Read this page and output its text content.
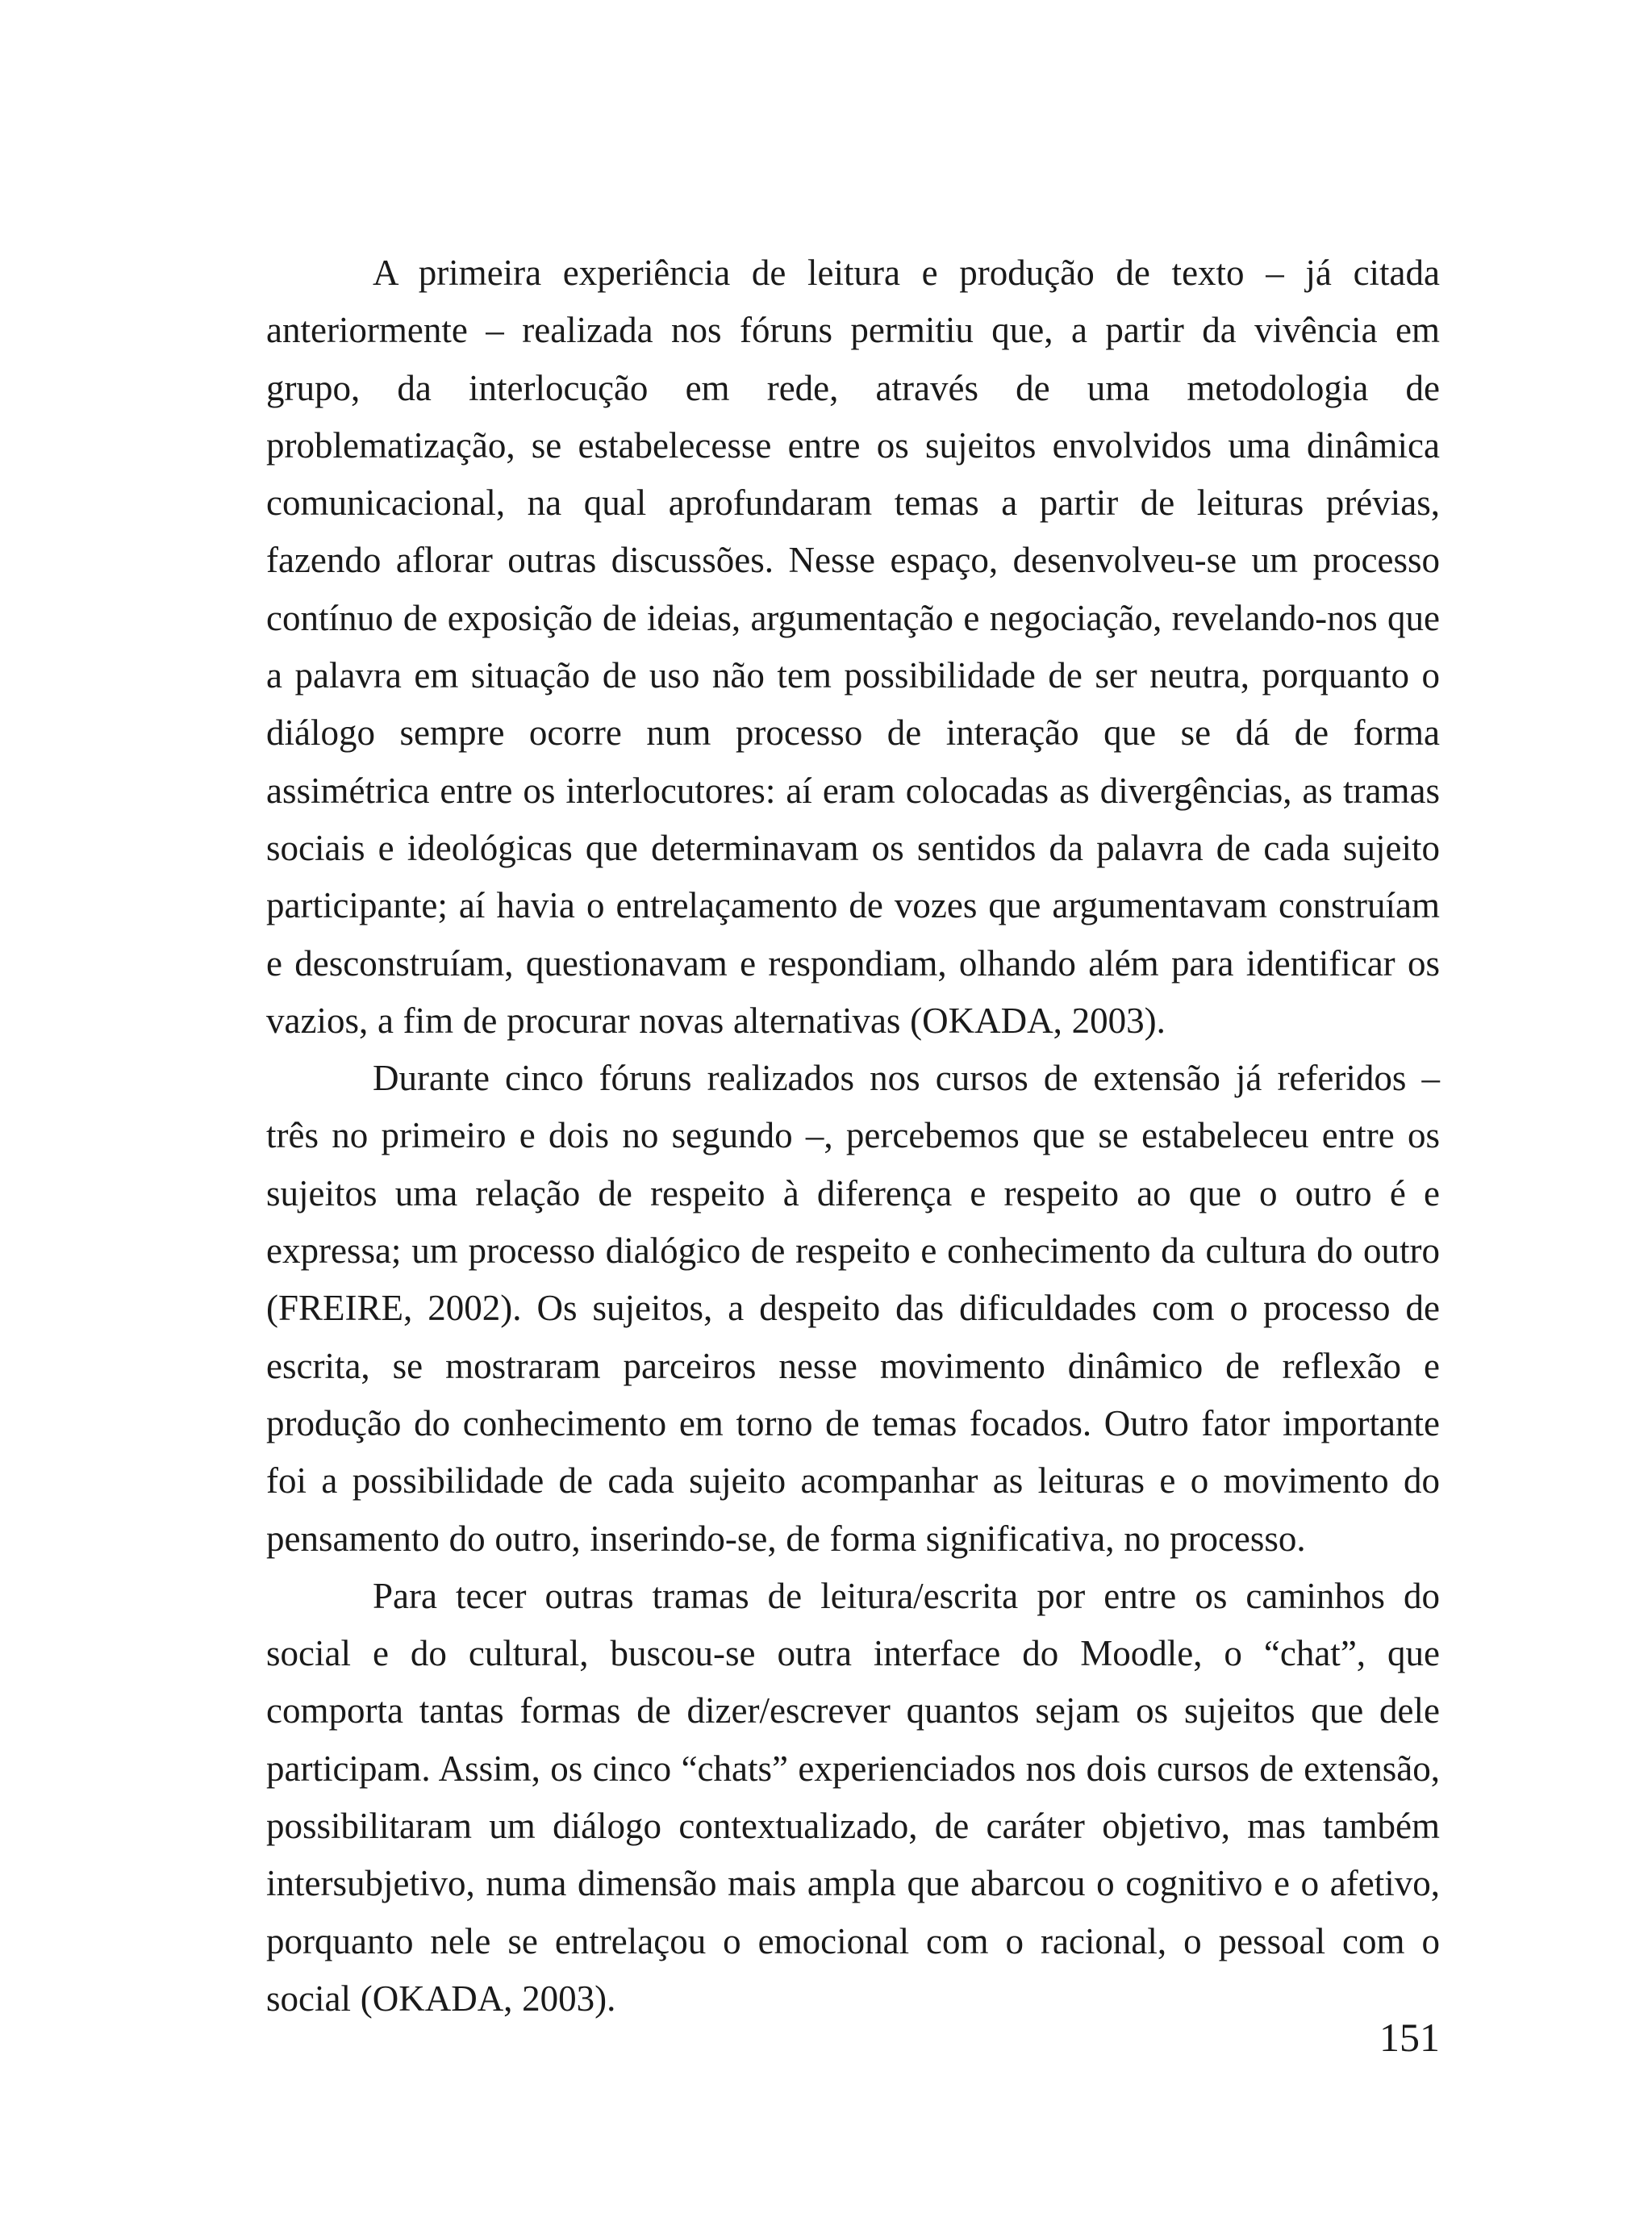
A primeira experiência de leitura e produção de texto – já citada anteriormente – realizada nos fóruns permitiu que, a partir da vivência em grupo, da interlocução em rede, através de uma metodologia de problematização, se estabelecesse entre os sujeitos envolvidos uma dinâmica comunicacional, na qual aprofundaram temas a partir de leituras prévias, fazendo aflorar outras discussões. Nesse espaço, desenvolveu-se um processo contínuo de exposição de ideias, argumentação e negociação, revelando-nos que a palavra em situação de uso não tem possibilidade de ser neutra, porquanto o diálogo sempre ocorre num processo de interação que se dá de forma assimétrica entre os interlocutores: aí eram colocadas as divergências, as tramas sociais e ideológicas que determinavam os sentidos da palavra de cada sujeito participante; aí havia o entrelaçamento de vozes que argumentavam construíam e desconstruíam, questionavam e respondiam, olhando além para identificar os vazios, a fim de procurar novas alternativas (OKADA, 2003).

Durante cinco fóruns realizados nos cursos de extensão já referidos – três no primeiro e dois no segundo –, percebemos que se estabeleceu entre os sujeitos uma relação de respeito à diferença e respeito ao que o outro é e expressa; um processo dialógico de respeito e conhecimento da cultura do outro (FREIRE, 2002). Os sujeitos, a despeito das dificuldades com o processo de escrita, se mostraram parceiros nesse movimento dinâmico de reflexão e produção do conhecimento em torno de temas focados. Outro fator importante foi a possibilidade de cada sujeito acompanhar as leituras e o movimento do pensamento do outro, inserindo-se, de forma significativa, no processo.

Para tecer outras tramas de leitura/escrita por entre os caminhos do social e do cultural, buscou-se outra interface do Moodle, o “chat”, que comporta tantas formas de dizer/escrever quantos sejam os sujeitos que dele participam. Assim, os cinco “chats” experienciados nos dois cursos de extensão, possibilitaram um diálogo contextualizado, de caráter objetivo, mas também intersubjetivo, numa dimensão mais ampla que abarcou o cognitivo e o afetivo, porquanto nele se entrelaçou o emocional com o racional, o pessoal com o social (OKADA, 2003).

151
